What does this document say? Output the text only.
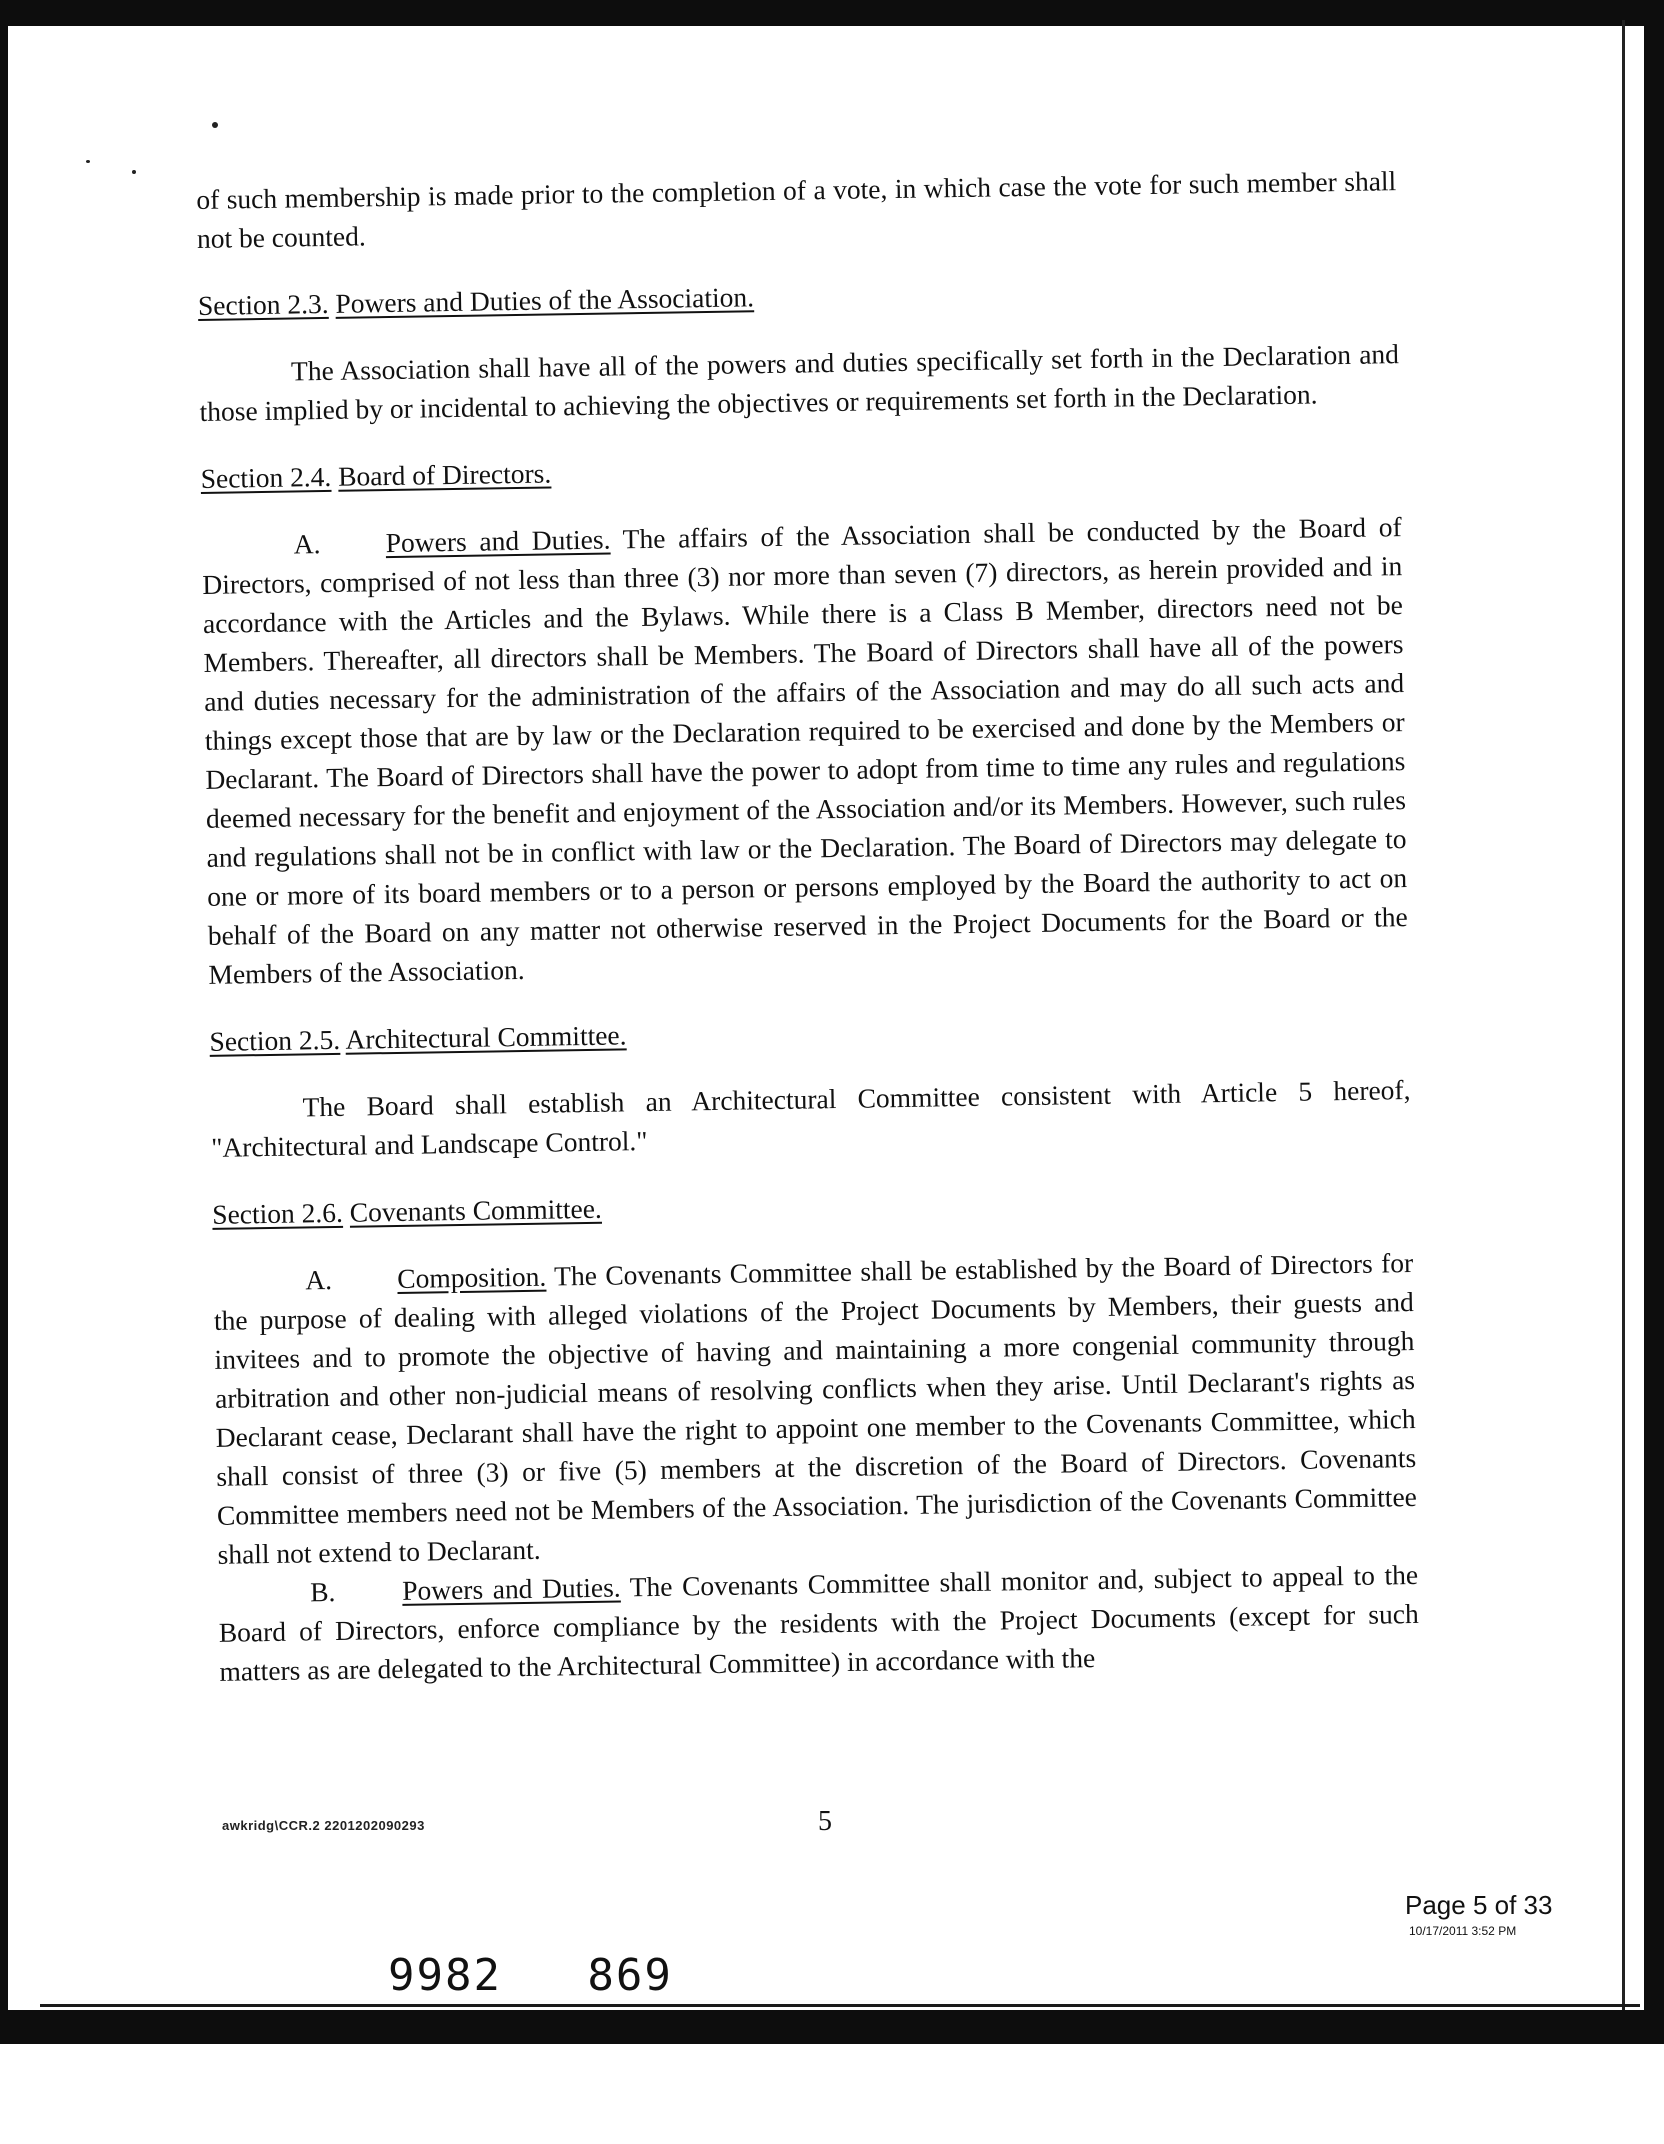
of such membership is made prior to the completion of a vote, in which case the vote for such member shall not be counted.

Section 2.3. Powers and Duties of the Association.

The Association shall have all of the powers and duties specifically set forth in the Declaration and those implied by or incidental to achieving the objectives or requirements set forth in the Declaration.

Section 2.4. Board of Directors.

A. Powers and Duties. The affairs of the Association shall be conducted by the Board of Directors, comprised of not less than three (3) nor more than seven (7) directors, as herein provided and in accordance with the Articles and the Bylaws. While there is a Class B Member, directors need not be Members. Thereafter, all directors shall be Members. The Board of Directors shall have all of the powers and duties necessary for the administration of the affairs of the Association and may do all such acts and things except those that are by law or the Declaration required to be exercised and done by the Members or Declarant. The Board of Directors shall have the power to adopt from time to time any rules and regulations deemed necessary for the benefit and enjoyment of the Association and/or its Members. However, such rules and regulations shall not be in conflict with law or the Declaration. The Board of Directors may delegate to one or more of its board members or to a person or persons employed by the Board the authority to act on behalf of the Board on any matter not otherwise reserved in the Project Documents for the Board or the Members of the Association.

Section 2.5. Architectural Committee.

The Board shall establish an Architectural Committee consistent with Article 5 hereof, "Architectural and Landscape Control."

Section 2.6. Covenants Committee.

A. Composition. The Covenants Committee shall be established by the Board of Directors for the purpose of dealing with alleged violations of the Project Documents by Members, their guests and invitees and to promote the objective of having and maintaining a more congenial community through arbitration and other non-judicial means of resolving conflicts when they arise. Until Declarant's rights as Declarant cease, Declarant shall have the right to appoint one member to the Covenants Committee, which shall consist of three (3) or five (5) members at the discretion of the Board of Directors. Covenants Committee members need not be Members of the Association. The jurisdiction of the Covenants Committee shall not extend to Declarant.

B. Powers and Duties. The Covenants Committee shall monitor and, subject to appeal to the Board of Directors, enforce compliance by the residents with the Project Documents (except for such matters as are delegated to the Architectural Committee) in accordance with the

awkridg\CCR.2 2201202090293	5
Page 5 of 33
10/17/2011 3:52 PM
9982   869
